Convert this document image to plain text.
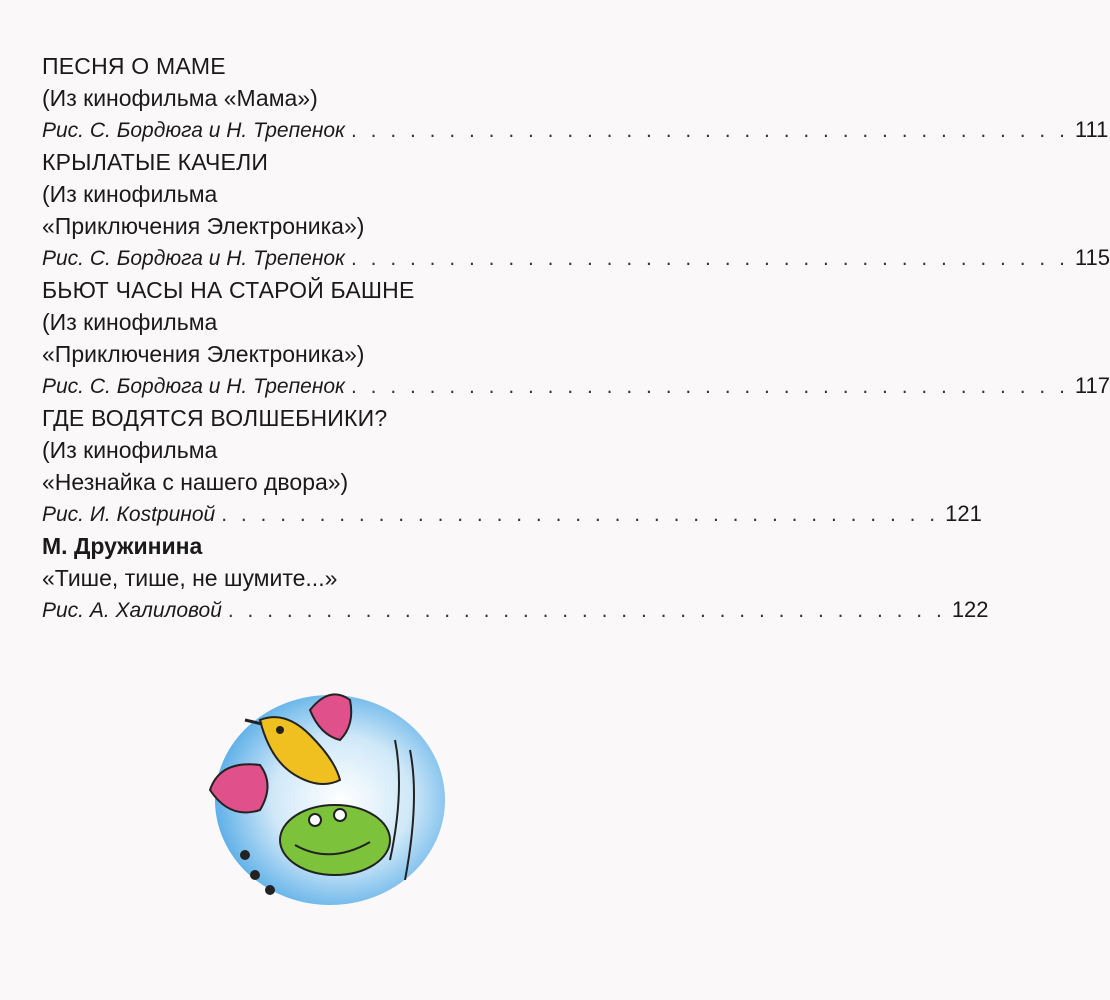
ПЕСНЯ О МАМЕ
(Из кинофильма «Мама»)
Рис. С. Бордюга и Н. Трепенок . . . . . . . . . . . . . . . . . . . . . . . . . . . . . . . . . . . . . 111
КРЫЛАТЫЕ КАЧЕЛИ
(Из кинофильма
«Приключения Электроника»)
Рис. С. Бордюга и Н. Трепенок . . . . . . . . . . . . . . . . . . . . . . . . . . . . . . . . . . . . . 115
БЬЮТ ЧАСЫ НА СТАРОЙ БАШНЕ
(Из кинофильма
«Приключения Электроника»)
Рис. С. Бордюга и Н. Трепенок . . . . . . . . . . . . . . . . . . . . . . . . . . . . . . . . . . . . . 117
ГДЕ ВОДЯТСЯ ВОЛШЕБНИКИ?
(Из кинофильма
«Незнайка с нашего двора»)
Рис. И. Кostриной . . . . . . . . . . . . . . . . . . . . . . . . . . . . . . . . . . . . . 121
М. Дружинина
«Тише, тише, не шумите...»
Рис. А. Халиловой . . . . . . . . . . . . . . . . . . . . . . . . . . . . . . . . . . . . . 122
